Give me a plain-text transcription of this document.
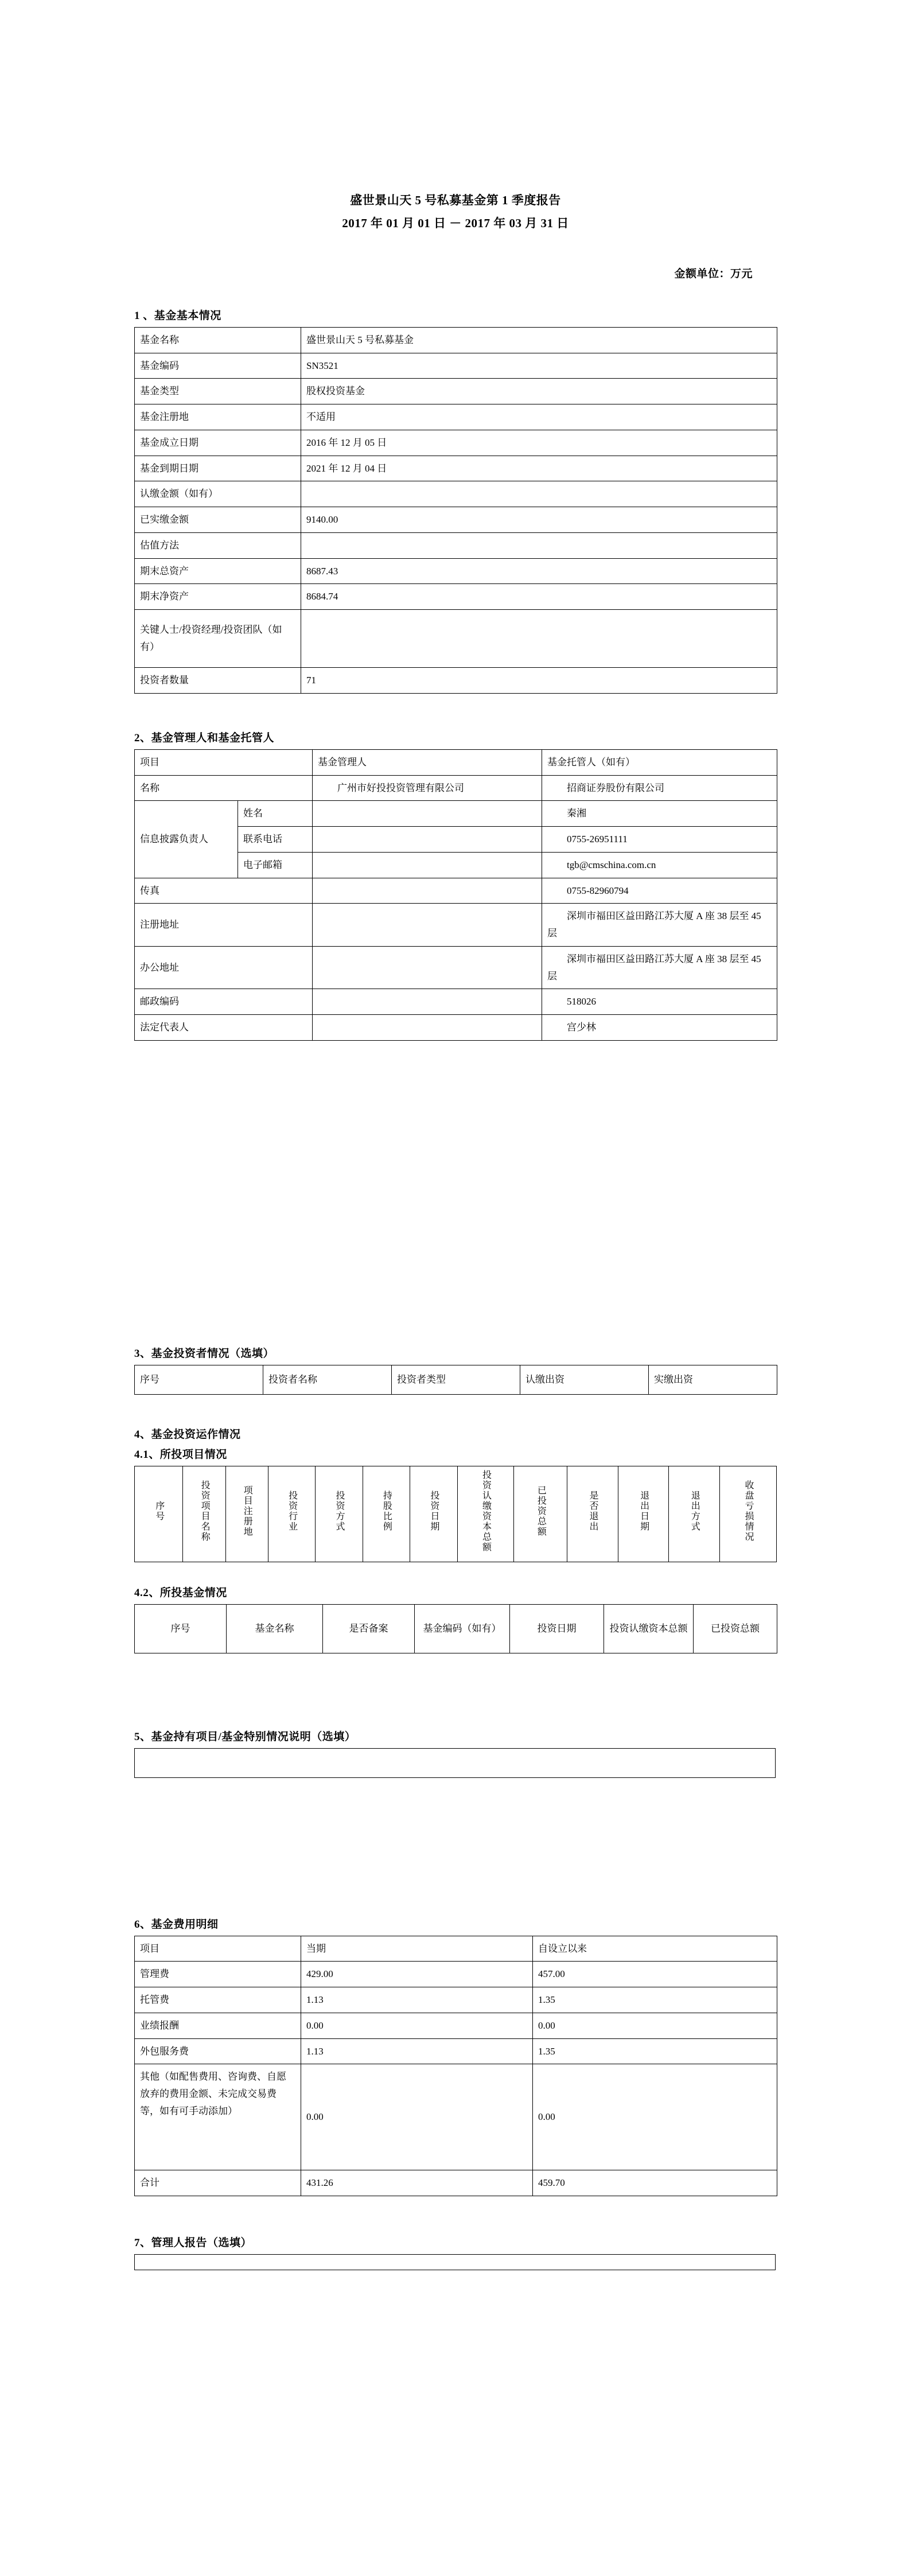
盛世景山天 5 号私募基金第 1 季度报告
2017 年 01 月 01 日 － 2017 年 03 月 31 日
金额单位：万元
1 、基金基本情况
基金名称	盛世景山天 5 号私募基金
基金编码	SN3521
基金类型	股权投资基金
基金注册地	不适用
基金成立日期	2016 年 12 月 05 日
基金到期日期	2021 年 12 月 04 日
认缴金额（如有）	
已实缴金额	9140.00
估值方法	
期末总资产	8687.43
期末净资产	8684.74
关键人士/投资经理/投资团队（如有）	
投资者数量	71
2、基金管理人和基金托管人
项目		基金管理人	基金托管人（如有）
名称		广州市好投投资管理有限公司	招商证券股份有限公司
信息披露负责人	姓名		秦湘
	联系电话		0755-26951111
	电子邮箱		tgb@cmschina.com.cn
传真			0755-82960794
注册地址			深圳市福田区益田路江苏大厦 A 座 38 层至 45 层
办公地址			深圳市福田区益田路江苏大厦 A 座 38 层至 45 层
邮政编码			518026
法定代表人			宫少林
3、基金投资者情况（选填）
序号	投资者名称	投资者类型	认缴出资	实缴出资
4、基金投资运作情况
4.1、所投项目情况
序号	投资项目名称	项目注册地	投资行业	投资方式	持股比例	投资日期	投资认缴资本总额	已投资总额	是否退出	退出日期	退出方式	收盘亏损情况
4.2、所投基金情况
序号	基金名称	是否备案	基金编码（如有）	投资日期	投资认缴资本总额	已投资总额
5、基金持有项目/基金特别情况说明（选填）
6、基金费用明细
项目	当期	自设立以来
管理费	429.00	457.00
托管费	1.13	1.35
业绩报酬	0.00	0.00
外包服务费	1.13	1.35
其他（如配售费用、咨询费、自愿放弃的费用金额、未完成交易费等，如有可手动添加）	0.00	0.00
合计	431.26	459.70
7、管理人报告（选填）
